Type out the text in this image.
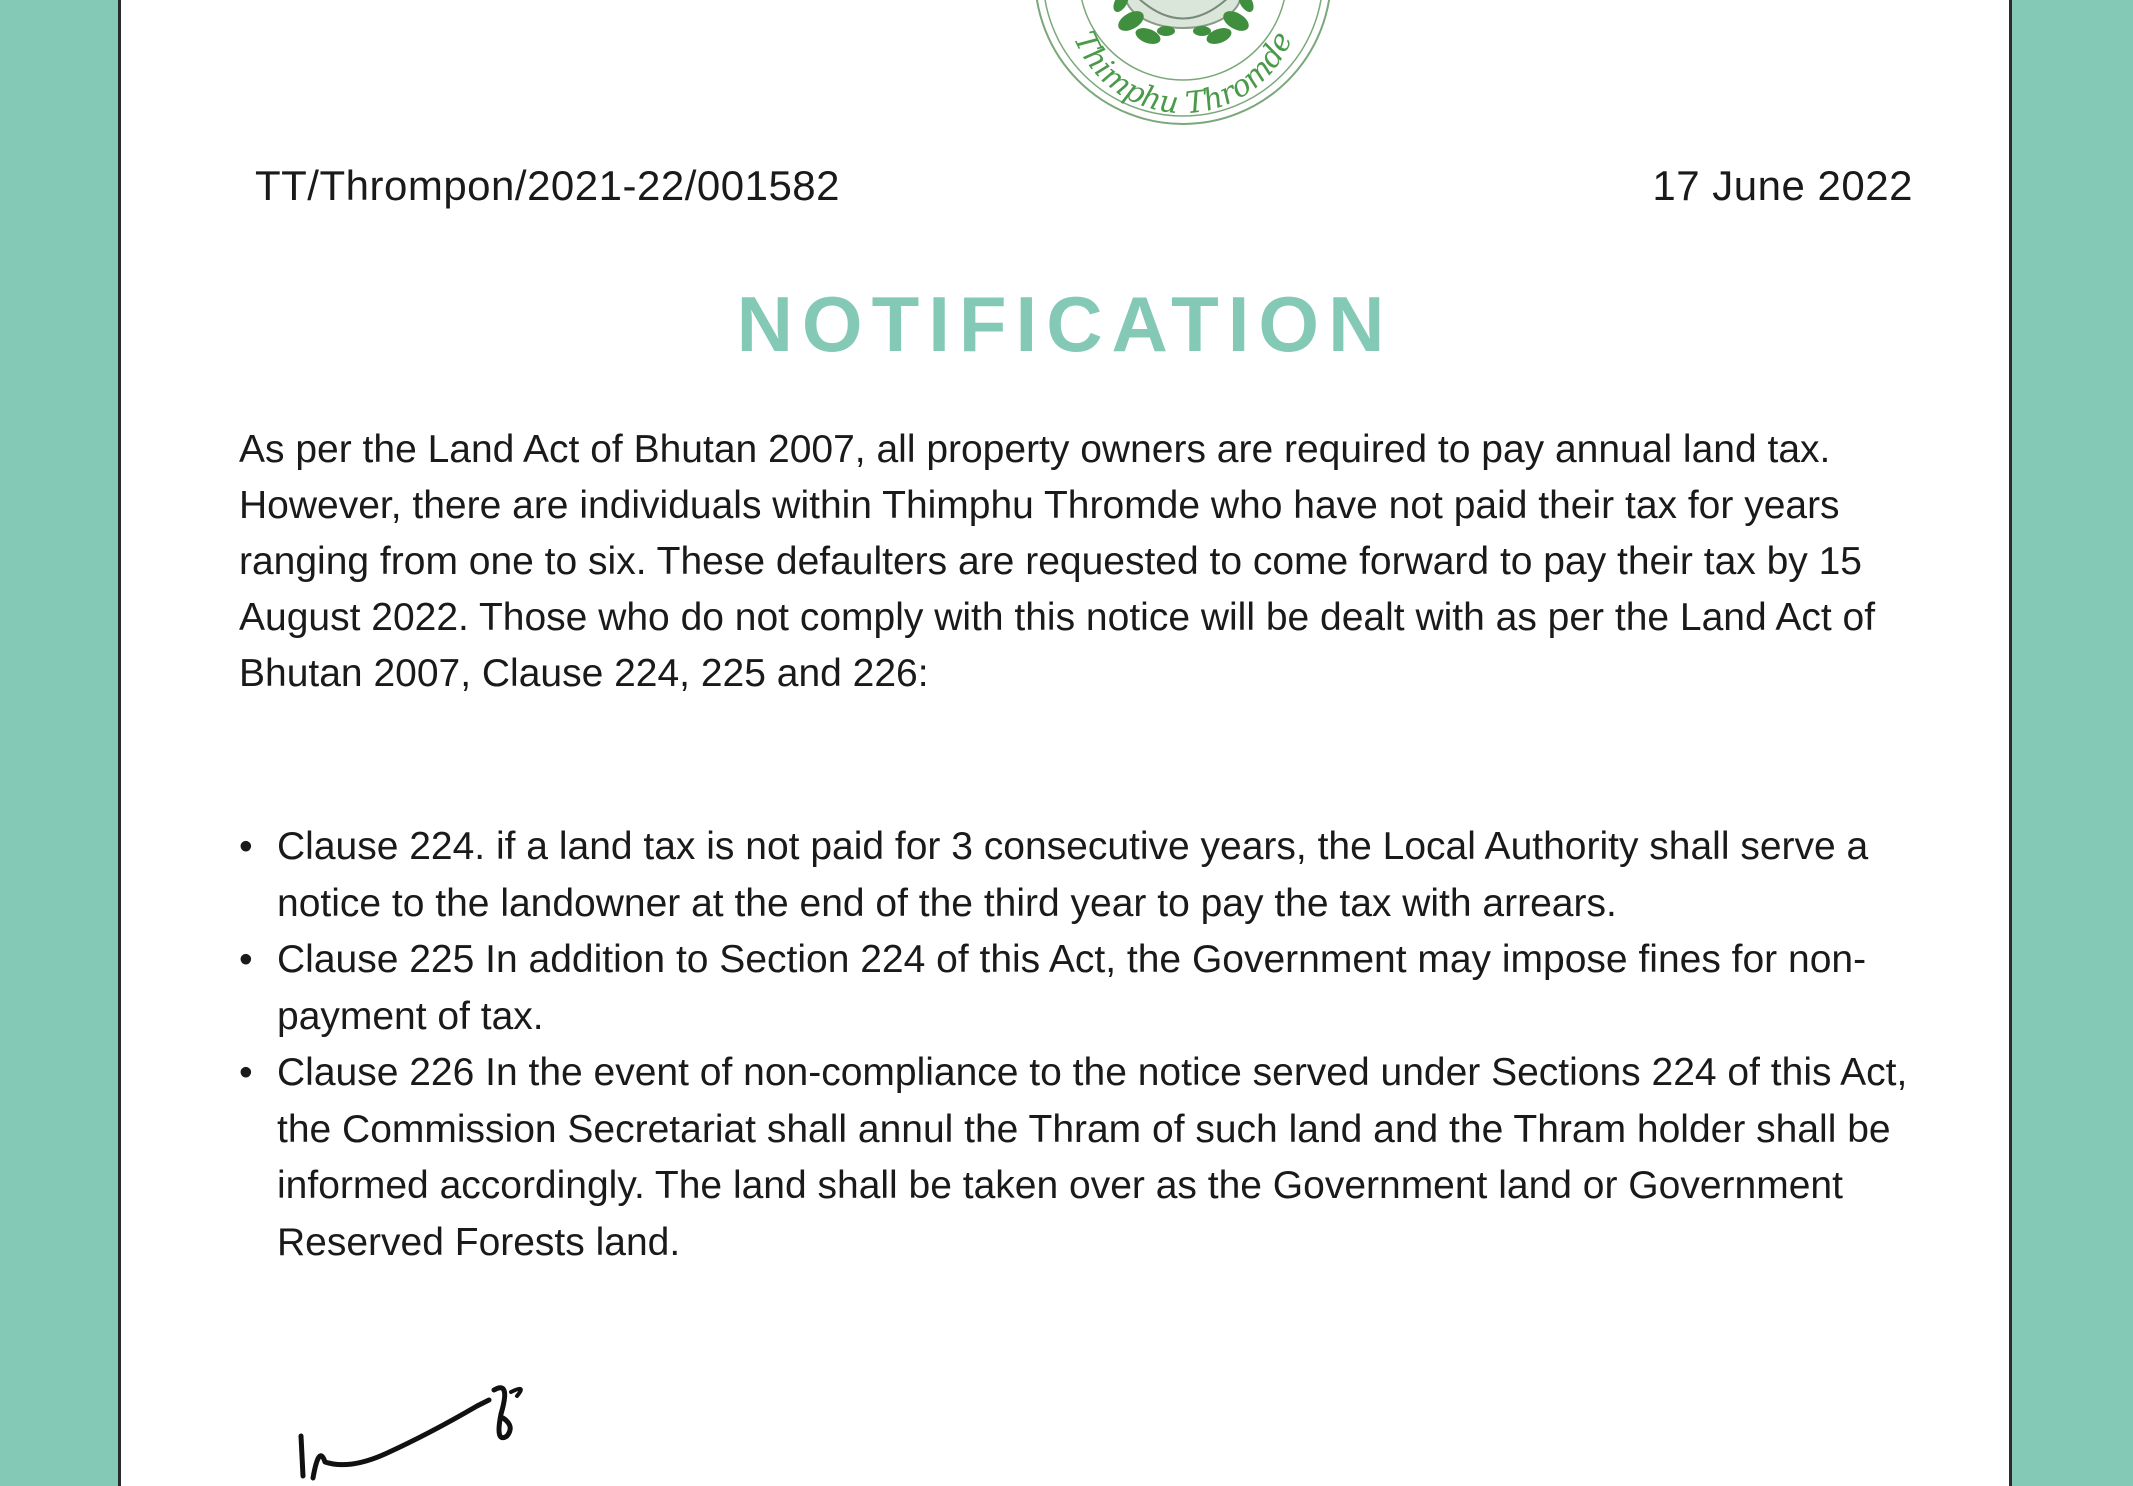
Thimphu Thromde
TT/Thrompon/2021-22/001582	17 June 2022
NOTIFICATION

As per the Land Act of Bhutan 2007, all property owners are required to pay annual land tax. However, there are individuals within Thimphu Thromde who have not paid their tax for years ranging from one to six. These defaulters are requested to come forward to pay their tax by 15 August 2022. Those who do not comply with this notice will be dealt with as per the Land Act of Bhutan 2007, Clause 224, 225 and 226:

• Clause 224. if a land tax is not paid for 3 consecutive years, the Local Authority shall serve a notice to the landowner at the end of the third year to pay the tax with arrears.
• Clause 225 In addition to Section 224 of this Act, the Government may impose fines for non-payment of tax.
• Clause 226 In the event of non-compliance to the notice served under Sections 224 of this Act, the Commission Secretariat shall annul the Thram of such land and the Thram holder shall be informed accordingly. The land shall be taken over as the Government land or Government Reserved Forests land.
